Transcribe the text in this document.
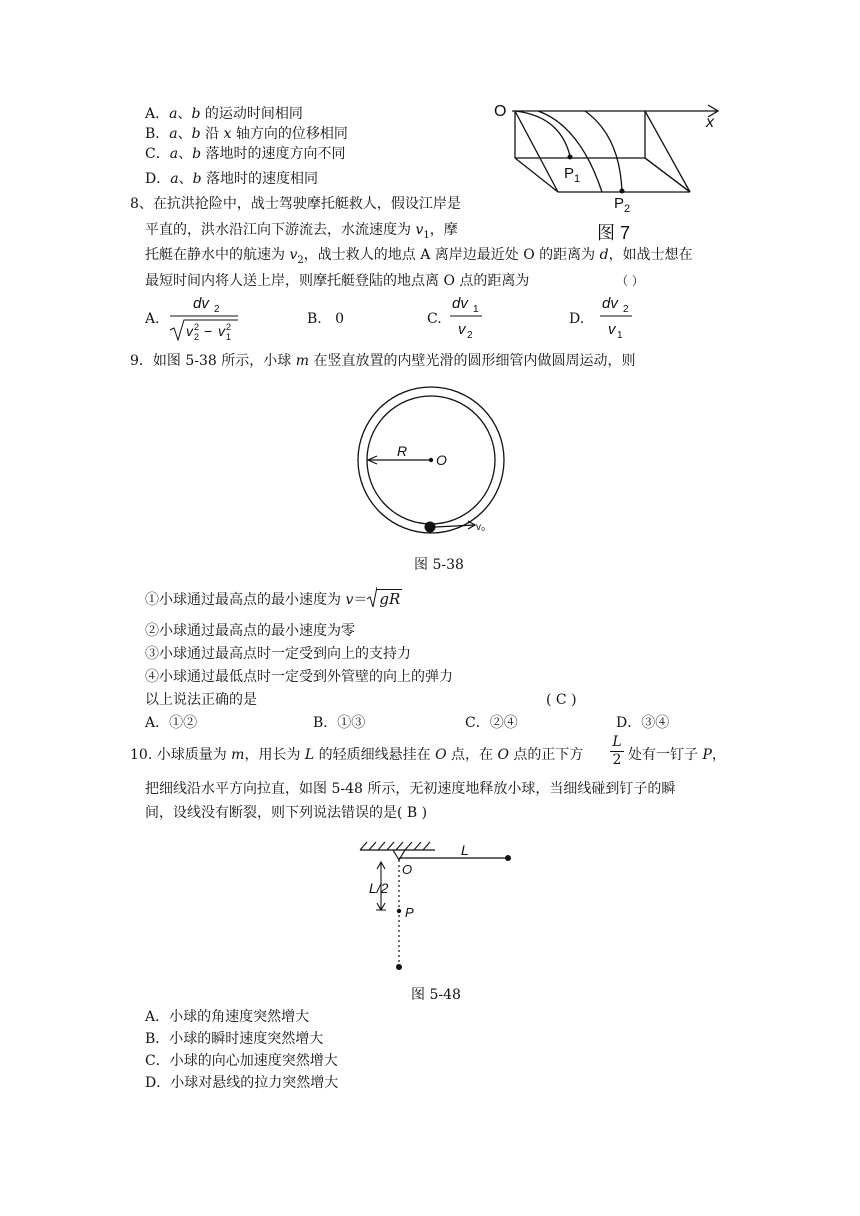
A．a、b 的运动时间相同
B．a、b 沿 x 轴方向的位移相同
C．a、b 落地时的速度方向不同
D．a、b 落地时的速度相同
O
x
$P_1$
$P_2$
图 7
8、在抗洪抢险中，战士驾驶摩托艇救人，假设江岸是
平直的，洪水沿江向下游流去，水流速度为 $v_1$，摩
托艇在静水中的航速为 $v_2$，战士救人的地点 A 离岸边最近处 O 的距离为 d，如战士想在
最短时间内将人送上岸，则摩托艇登陆的地点离 O 点的距离为	（ ）
A.
dv 2
v 2
2 − v 2
1
B. 0	C.
dv 1
v 2
D.
dv 2
v 1
9．如图 5-38 所示，小球 m 在竖直放置的内壁光滑的圆形细管内做圆周运动，则
R
O
v₀
图 5-38
①小球通过最高点的最小速度为 v＝ gR
②小球通过最高点的最小速度为零
③小球通过最高点时一定受到向上的支持力
④小球通过最低点时一定受到外管壁的向上的弹力
以上说法正确的是	( C )
A．①②	B．①③	C．②④	D．③④
10. 小球质量为 m，用长为 L 的轻质细线悬挂在 O 点，在 O 点的正下方
L
2 处有一钉子 P，
把细线沿水平方向拉直，如图 5-48 所示，无初速度地释放小球，当细线碰到钉子的瞬
间，设线没有断裂，则下列说法错误的是( B )
O
L
L/2
P
图 5-48
A．小球的角速度突然增大
B．小球的瞬时速度突然增大
C．小球的向心加速度突然增大
D．小球对悬线的拉力突然增大
